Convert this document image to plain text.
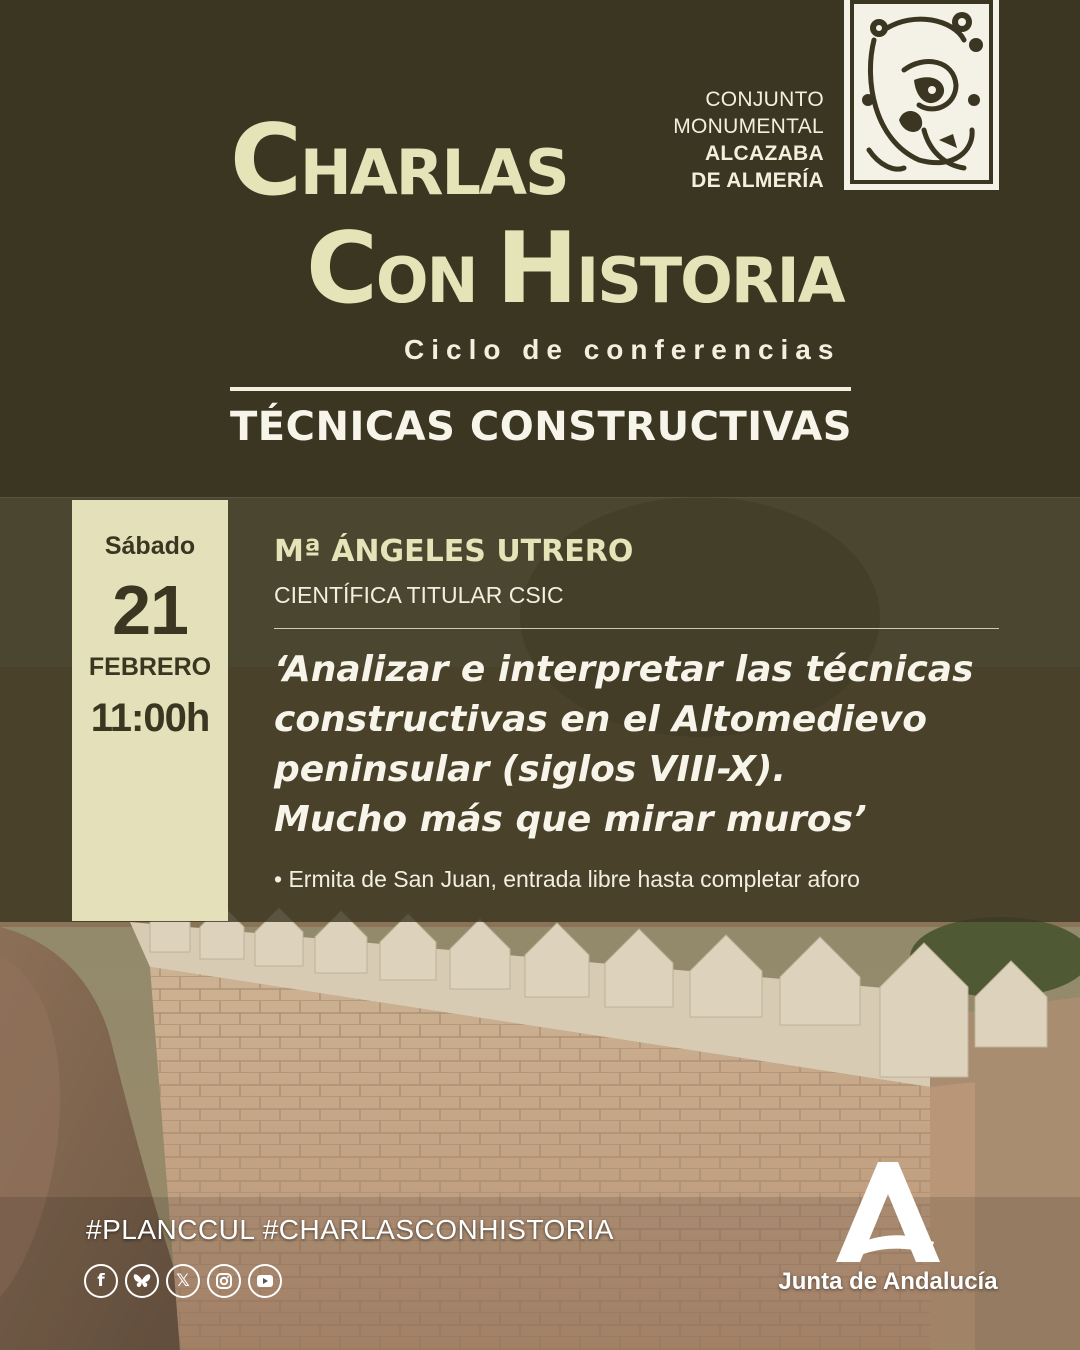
CONJUNTO
MONUMENTAL
ALCAZABA
DE ALMERÍA
CHARLAS
CON HISTORIA
Ciclo de conferencias
TÉCNICAS CONSTRUCTIVAS
Sábado
21
FEBRERO
11:00h
Mª ÁNGELES UTRERO
CIENTÍFICA TITULAR CSIC
‘Analizar e interpretar las técnicas
constructivas en el Altomedievo
peninsular (siglos VIII-X).
Mucho más que mirar muros’
• Ermita de San Juan, entrada libre hasta completar aforo
#PLANCCUL #CHARLASCONHISTORIA
f	𝕏	Junta de Andalucía
